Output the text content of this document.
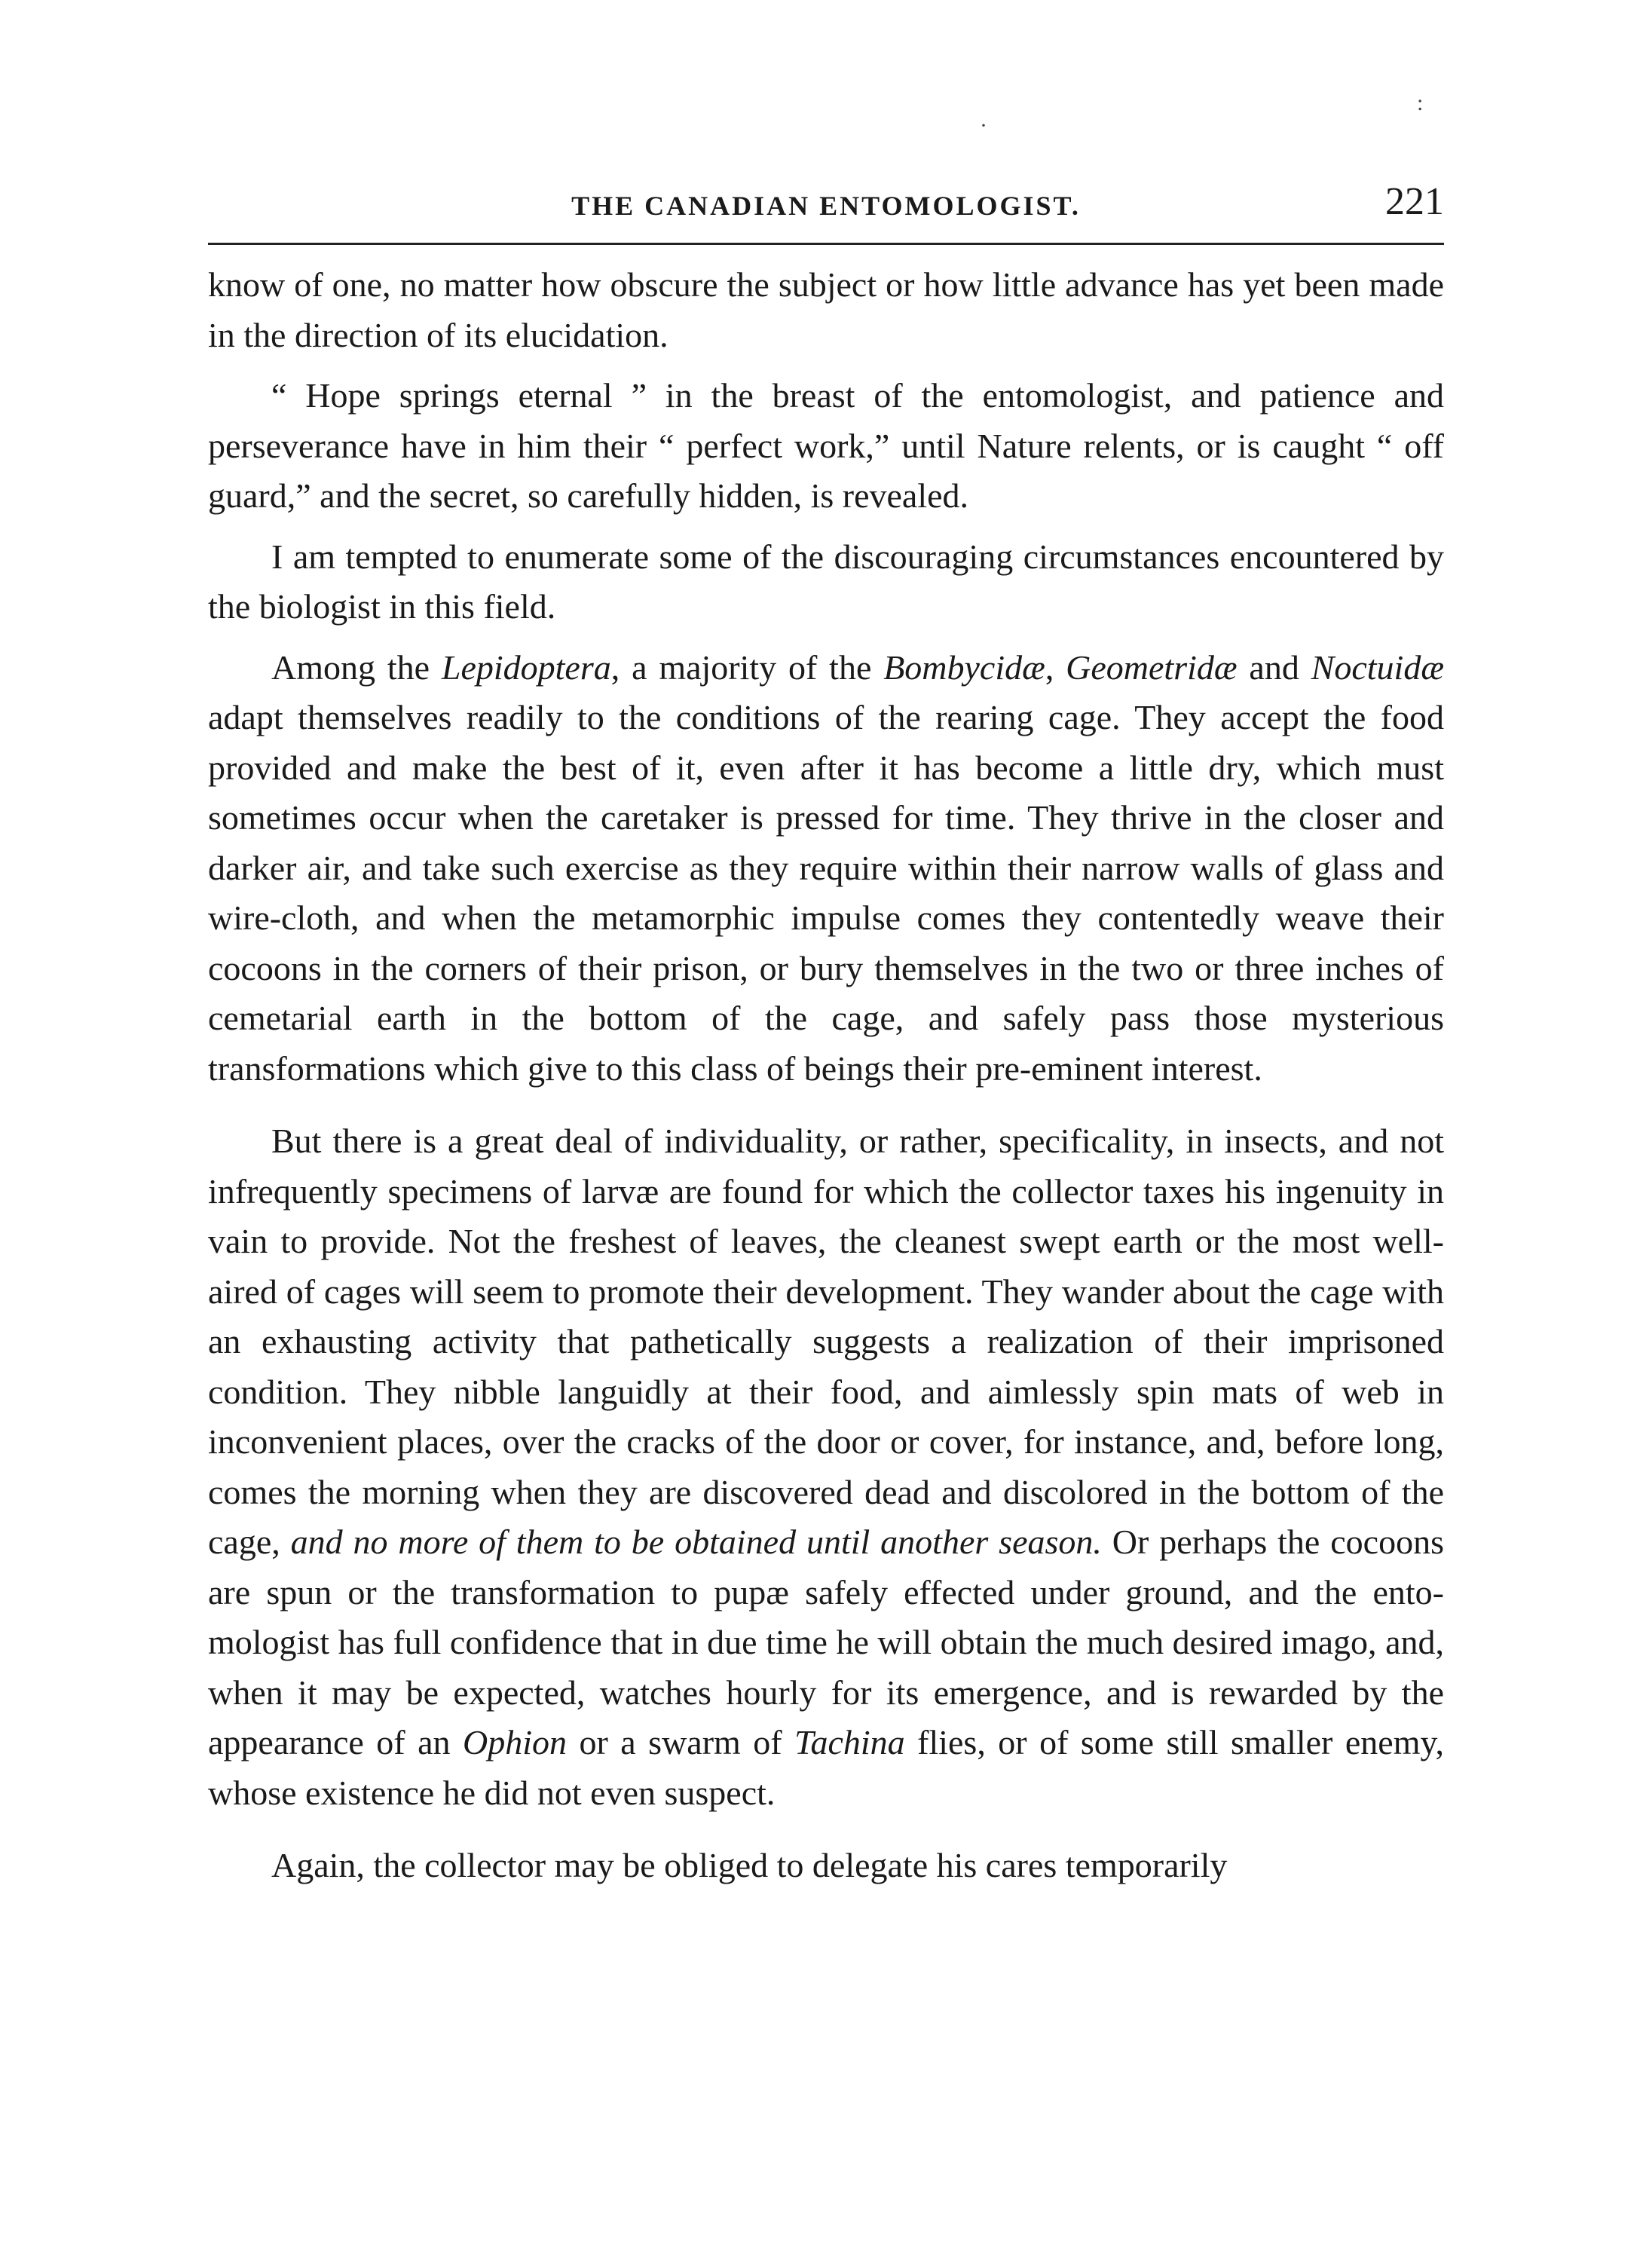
THE CANADIAN ENTOMOLOGIST.	221

know of one, no matter how obscure the subject or how little advance has yet been made in the direction of its elucidation.

“ Hope springs eternal ” in the breast of the entomologist, and patience and perseverance have in him their “ perfect work,” until Nature relents, or is caught “ off guard,” and the secret, so carefully hidden, is revealed.

I am tempted to enumerate some of the discouraging circumstances encountered by the biologist in this field.

Among the Lepidoptera, a majority of the Bombycidæ, Geometridæ and Noctuidæ adapt themselves readily to the conditions of the rearing cage. They accept the food provided and make the best of it, even after it has become a little dry, which must sometimes occur when the caretaker is pressed for time. They thrive in the closer and darker air, and take such exercise as they require within their narrow walls of glass and wire-cloth, and when the metamorphic impulse comes they contentedly weave their cocoons in the corners of their prison, or bury themselves in the two or three inches of cemetarial earth in the bottom of the cage, and safely pass those mysterious transformations which give to this class of beings their pre-eminent interest.

But there is a great deal of individuality, or rather, specificality, in insects, and not infrequently specimens of larvæ are found for which the collector taxes his ingenuity in vain to provide. Not the freshest of leaves, the cleanest swept earth or the most well-aired of cages will seem to promote their development. They wander about the cage with an exhausting activity that pathetically suggests a realization of their imprisoned condition. They nibble languidly at their food, and aimlessly spin mats of web in inconvenient places, over the cracks of the door or cover, for instance, and, before long, comes the morning when they are discovered dead and discolored in the bottom of the cage, and no more of them to be obtained until another season. Or perhaps the cocoons are spun or the transformation to pupæ safely effected under ground, and the entomologist has full confidence that in due time he will obtain the much desired imago, and, when it may be expected, watches hourly for its emergence, and is rewarded by the appearance of an Ophion or a swarm of Tachina flies, or of some still smaller enemy, whose existence he did not even suspect.

Again, the collector may be obliged to delegate his cares temporarily

·
:
